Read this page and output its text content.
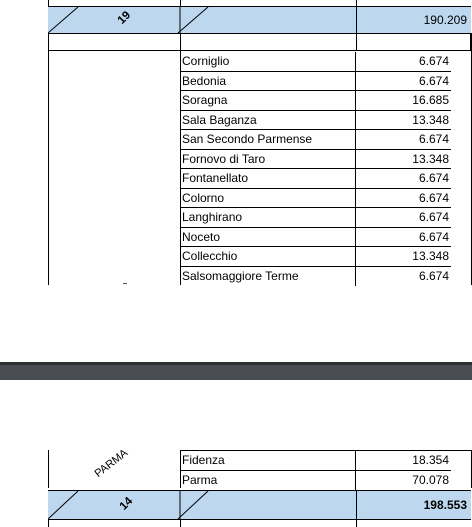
19	190.209
Corniglio	6.674
Bedonia	6.674
Soragna	16.685
Sala Baganza	13.348
San Secondo Parmense	6.674
Fornovo di Taro	13.348
Fontanellato	6.674
Colorno	6.674
Langhirano	6.674
Noceto	6.674
Collecchio	13.348
Salsomaggiore Terme	6.674
PARMA	Fidenza	18.354
Parma	70.078
14	198.553
